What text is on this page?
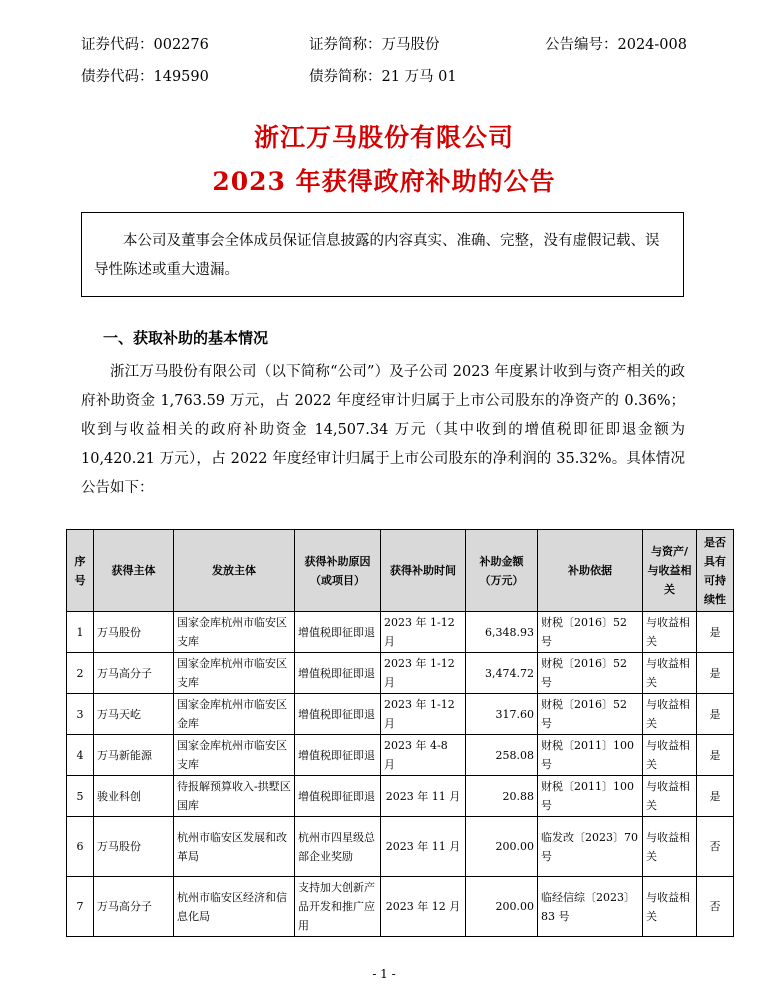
证券代码：002276	证券简称：万马股份	公告编号：2024-008
债券代码：149590	债券简称：21 万马 01
浙江万马股份有限公司
2023 年获得政府补助的公告
本公司及董事会全体成员保证信息披露的内容真实、准确、完整，没有虚假记载、误导性陈述或重大遗漏。
一、获取补助的基本情况
浙江万马股份有限公司（以下简称“公司”）及子公司 2023 年度累计收到与资产相关的政府补助资金 1,763.59 万元，占 2022 年度经审计归属于上市公司股东的净资产的 0.36%；收到与收益相关的政府补助资金 14,507.34 万元（其中收到的增值税即征即退金额为 10,420.21 万元），占 2022 年度经审计归属于上市公司股东的净利润的 35.32%。具体情况公告如下：
序号	获得主体	发放主体	获得补助原因（或项目）	获得补助时间	补助金额（万元）	补助依据	与资产/与收益相关	是否具有可持续性
1	万马股份	国家金库杭州市临安区支库	增值税即征即退	2023 年 1-12 月	6,348.93	财税〔2016〕52 号	与收益相关	是
2	万马高分子	国家金库杭州市临安区支库	增值税即征即退	2023 年 1-12 月	3,474.72	财税〔2016〕52 号	与收益相关	是
3	万马天屹	国家金库杭州市临安区金库	增值税即征即退	2023 年 1-12 月	317.60	财税〔2016〕52 号	与收益相关	是
4	万马新能源	国家金库杭州市临安区支库	增值税即征即退	2023 年 4-8 月	258.08	财税〔2011〕100 号	与收益相关	是
5	骏业科创	待报解预算收入-拱墅区国库	增值税即征即退	2023 年 11 月	20.88	财税〔2011〕100 号	与收益相关	是
6	万马股份	杭州市临安区发展和改革局	杭州市四星级总部企业奖励	2023 年 11 月	200.00	临发改〔2023〕70 号	与收益相关	否
7	万马高分子	杭州市临安区经济和信息化局	支持加大创新产品开发和推广应用	2023 年 12 月	200.00	临经信综〔2023〕83 号	与收益相关	否
- 1 -
